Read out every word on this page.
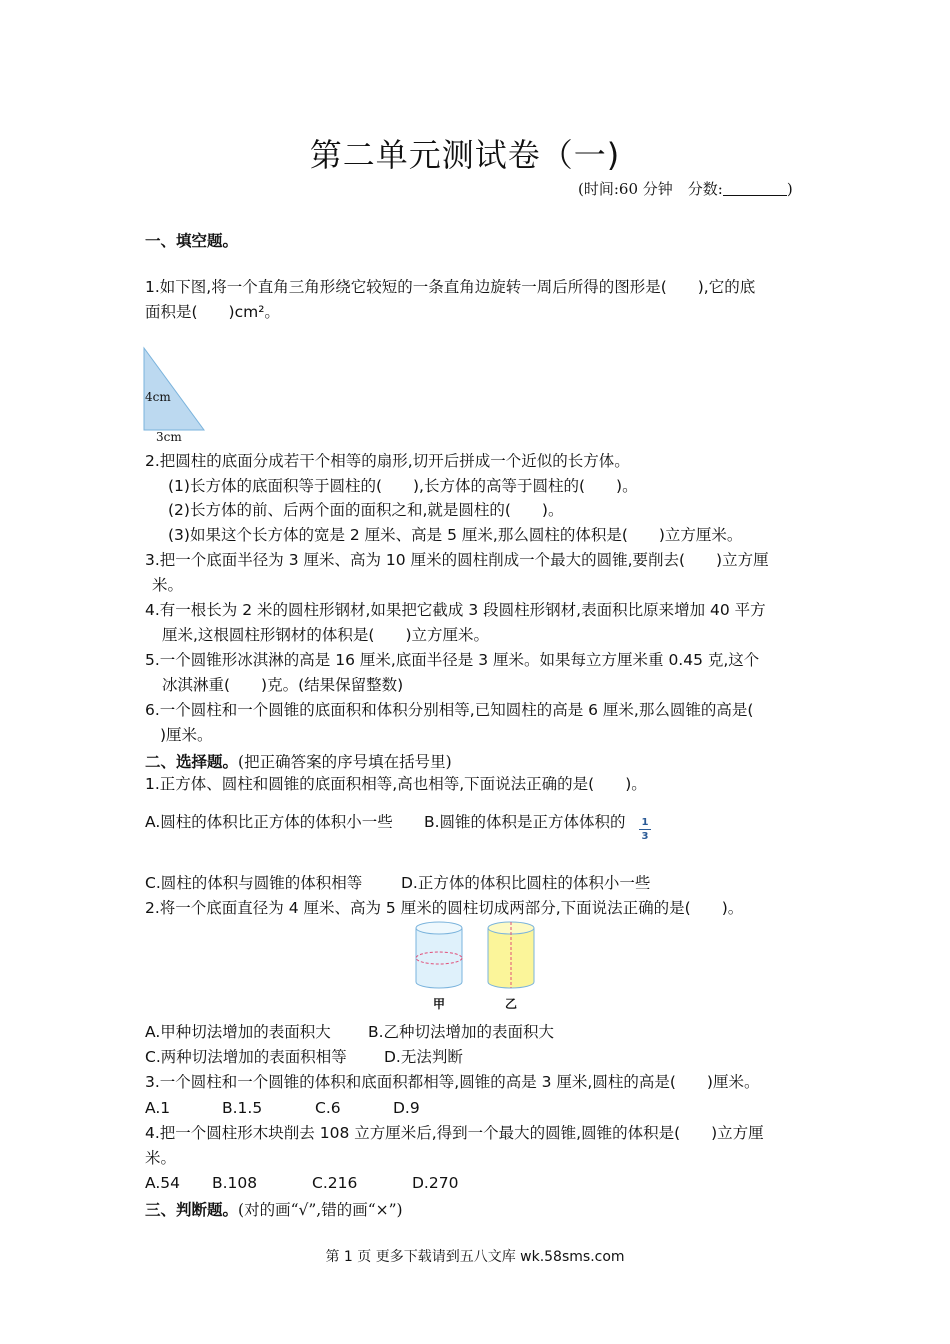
第二单元测试卷（一)
(时间:60 分钟　分数:	)
一、填空题。
1.如下图,将一个直角三角形绕它较短的一条直角边旋转一周后所得的图形是(　　),它的底
面积是(　　)cm²。
4cm
3cm
2.把圆柱的底面分成若干个相等的扇形,切开后拼成一个近似的长方体。
(1)长方体的底面积等于圆柱的(　　),长方体的高等于圆柱的(　　)。
(2)长方体的前、后两个面的面积之和,就是圆柱的(　　)。
(3)如果这个长方体的宽是 2 厘米、高是 5 厘米,那么圆柱的体积是(　　)立方厘米。
3.把一个底面半径为 3 厘米、高为 10 厘米的圆柱削成一个最大的圆锥,要削去(　　)立方厘
米。
4.有一根长为 2 米的圆柱形钢材,如果把它截成 3 段圆柱形钢材,表面积比原来增加 40 平方
厘米,这根圆柱形钢材的体积是(　　)立方厘米。
5.一个圆锥形冰淇淋的高是 16 厘米,底面半径是 3 厘米。如果每立方厘米重 0.45 克,这个
冰淇淋重(　　)克。(结果保留整数)
6.一个圆柱和一个圆锥的底面积和体积分别相等,已知圆柱的高是 6 厘米,那么圆锥的高是(
)厘米。
二、选择题。(把正确答案的序号填在括号里)
1.正方体、圆柱和圆锥的底面积相等,高也相等,下面说法正确的是(　　)。
A.圆柱的体积比正方体的体积小一些 B.圆锥的体积是正方体体积的 1
3
C.圆柱的体积与圆锥的体积相等 D.正方体的体积比圆柱的体积小一些
2.将一个底面直径为 4 厘米、高为 5 厘米的圆柱切成两部分,下面说法正确的是(　　)。
甲	乙
A.甲种切法增加的表面积大 B.乙种切法增加的表面积大
C.两种切法增加的表面积相等 D.无法判断
3.一个圆柱和一个圆锥的体积和底面积都相等,圆锥的高是 3 厘米,圆柱的高是(　　)厘米。
A.1	B.1.5	C.6	D.9
4.把一个圆柱形木块削去 108 立方厘米后,得到一个最大的圆锥,圆锥的体积是(　　)立方厘
米。
A.54 B.108	C.216	D.270
三、判断题。(对的画“√”,错的画“×”)
第 1 页 更多下载请到五八文库 wk.58sms.com
